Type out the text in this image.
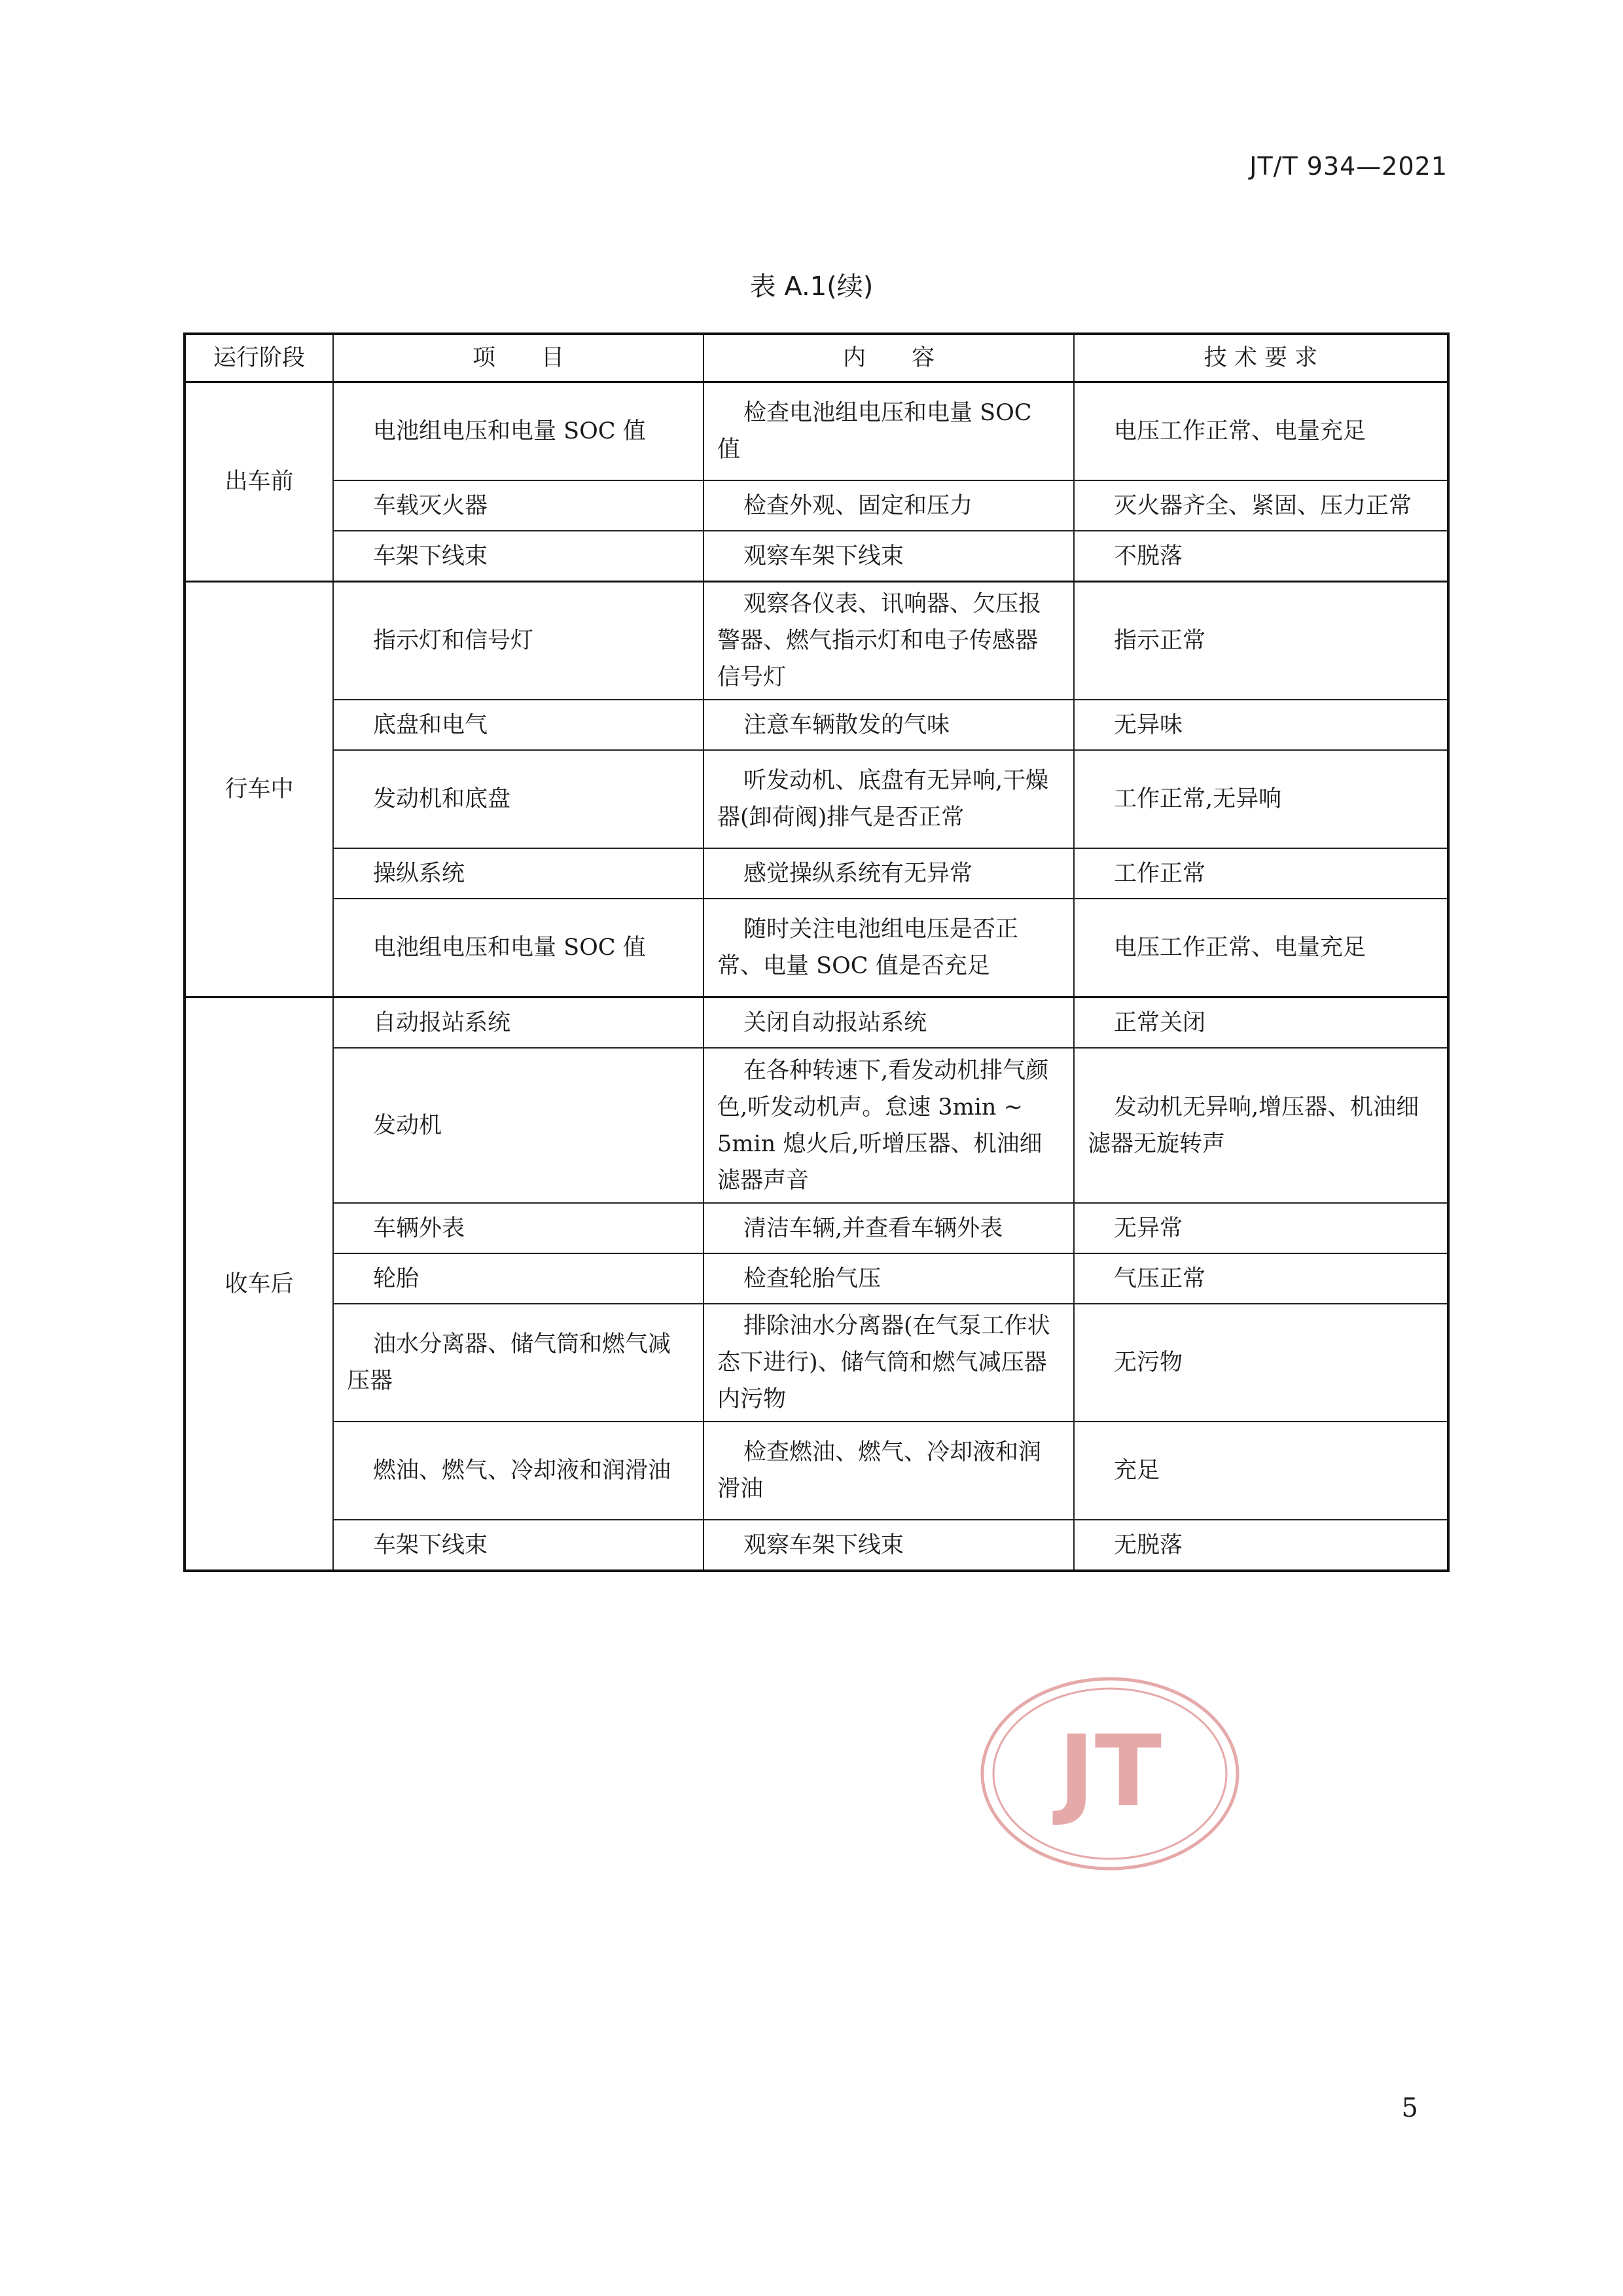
JT/T 934—2021
表 A.1(续)
运行阶段	项　　目	内　　容	技 术 要 求
出车前	电池组电压和电量 SOC 值	检查电池组电压和电量 SOC 值	电压工作正常、电量充足
	车载灭火器	检查外观、固定和压力	灭火器齐全、紧固、压力正常
	车架下线束	观察车架下线束	不脱落
行车中	指示灯和信号灯	观察各仪表、讯响器、欠压报警器、燃气指示灯和电子传感器信号灯	指示正常
	底盘和电气	注意车辆散发的气味	无异味
	发动机和底盘	听发动机、底盘有无异响,干燥器(卸荷阀)排气是否正常	工作正常,无异响
	操纵系统	感觉操纵系统有无异常	工作正常
	电池组电压和电量 SOC 值	随时关注电池组电压是否正常、电量 SOC 值是否充足	电压工作正常、电量充足
收车后	自动报站系统	关闭自动报站系统	正常关闭
	发动机	在各种转速下,看发动机排气颜色,听发动机声。怠速 3min ~ 5min 熄火后,听增压器、机油细滤器声音	发动机无异响,增压器、机油细滤器无旋转声
	车辆外表	清洁车辆,并查看车辆外表	无异常
	轮胎	检查轮胎气压	气压正常
	油水分离器、储气筒和燃气减压器	排除油水分离器(在气泵工作状态下进行)、储气筒和燃气减压器内污物	无污物
	燃油、燃气、冷却液和润滑油	检查燃油、燃气、冷却液和润滑油	充足
	车架下线束	观察车架下线束	无脱落
JT
5
